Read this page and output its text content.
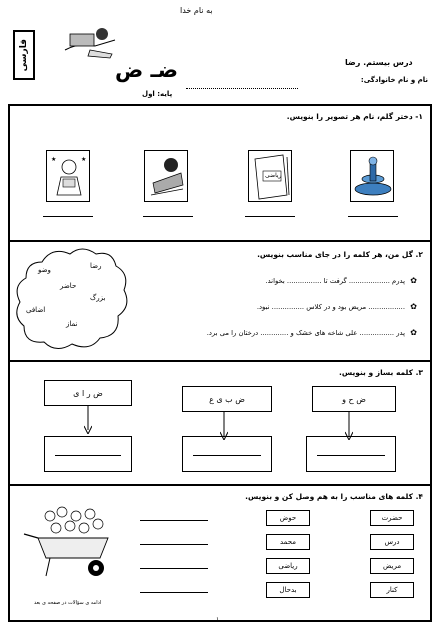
به نام خدا
فارسی	ضـ ض	درس بیستم. رضا
نام و نام خانوادگی:
پایه: اول
۱- دختر گلم، نام هر تصویر را بنویس.
ریاضی
★	★
۲. گل من، هر کلمه را در جای مناسب بنویس.
رضا
وضو
حاضر
بزرگ
اضافی
نماز
✿
✿
✿
پدرم ................... گرفت تا ................ بخواند.
................. مریض بود و در کلاس ............... نبود.
پدر ................ علی شاخه های خشک و ............. درختان را می برد.
۳. کلمه بساز و بنویس.
ض ح و
ض ب ی ع
ض ر ا ی
۴. کلمه های مناسب را به هم وصل کن و بنویس.
حضرت
درس
مریض
کنار
حوض
محمد
ریاضی
بدحال
ادامه ی سؤالات در صفحه ی بعد
۱
